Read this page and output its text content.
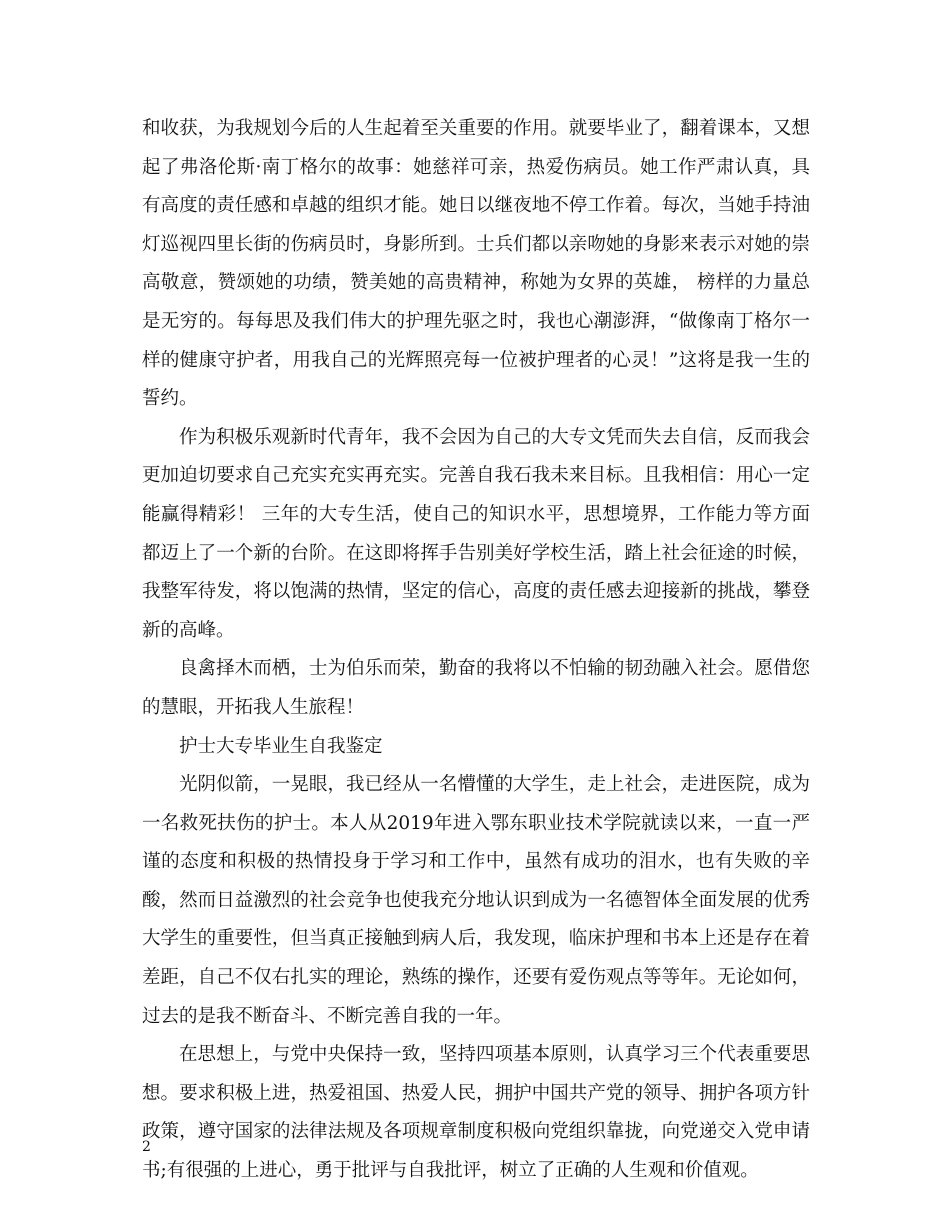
和收获，为我规划今后的人生起着至关重要的作用。就要毕业了，翻着课本，又想起了弗洛伦斯·南丁格尔的故事：她慈祥可亲，热爱伤病员。她工作严肃认真，具有高度的责任感和卓越的组织才能。她日以继夜地不停工作着。每次，当她手持油灯巡视四里长街的伤病员时，身影所到。士兵们都以亲吻她的身影来表示对她的崇高敬意，赞颂她的功绩，赞美她的高贵精神，称她为女界的英雄， 榜样的力量总是无穷的。每每思及我们伟大的护理先驱之时，我也心潮澎湃，“做像南丁格尔一样的健康守护者，用我自己的光辉照亮每一位被护理者的心灵！”这将是我一生的誓约。

作为积极乐观新时代青年，我不会因为自己的大专文凭而失去自信，反而我会更加迫切要求自己充实充实再充实。完善自我石我未来目标。且我相信：用心一定能赢得精彩！ 三年的大专生活，使自己的知识水平，思想境界，工作能力等方面都迈上了一个新的台阶。在这即将挥手告别美好学校生活，踏上社会征途的时候，我整军待发，将以饱满的热情，坚定的信心，高度的责任感去迎接新的挑战，攀登新的高峰。

良禽择木而栖，士为伯乐而荣，勤奋的我将以不怕输的韧劲融入社会。愿借您的慧眼，开拓我人生旅程！

护士大专毕业生自我鉴定

光阴似箭，一晃眼，我已经从一名懵懂的大学生，走上社会，走进医院，成为一名救死扶伤的护士。本人从2019年进入鄂东职业技术学院就读以来，一直一严谨的态度和积极的热情投身于学习和工作中，虽然有成功的泪水，也有失败的辛酸，然而日益激烈的社会竞争也使我充分地认识到成为一名德智体全面发展的优秀大学生的重要性，但当真正接触到病人后，我发现，临床护理和书本上还是存在着差距，自己不仅右扎实的理论，熟练的操作，还要有爱伤观点等等年。无论如何，过去的是我不断奋斗、不断完善自我的一年。

在思想上，与党中央保持一致，坚持四项基本原则，认真学习三个代表重要思想。要求积极上进，热爱祖国、热爱人民，拥护中国共产党的领导、拥护各项方针政策，遵守国家的法律法规及各项规章制度积极向党组织靠拢，向党递交入党申请书;有很强的上进心，勇于批评与自我批评，树立了正确的人生观和价值观。

2
